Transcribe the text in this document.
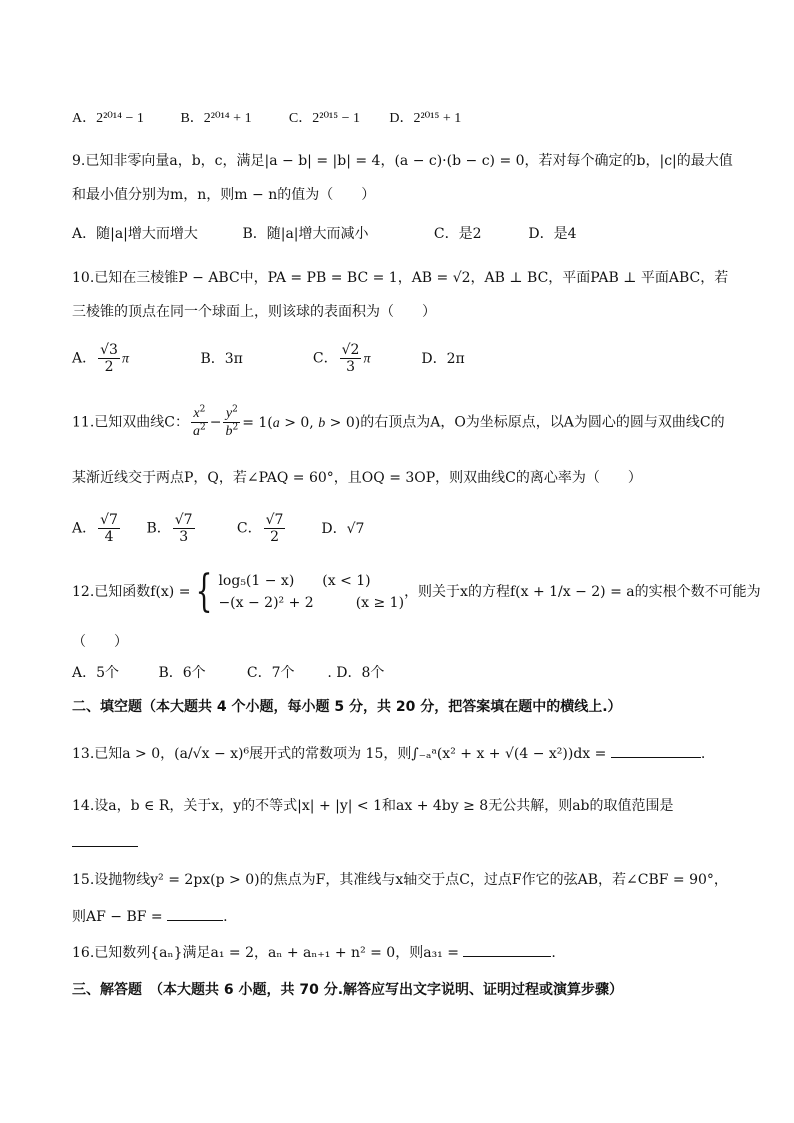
A．2²⁰¹⁴ − 1	B．2²⁰¹⁴ + 1	C．2²⁰¹⁵ − 1 D．2²⁰¹⁵ + 1
9.已知非零向量a，b，c，满足|a − b| = |b| = 4，(a − c)·(b − c) = 0，若对每个确定的b，|c|的最大值
和最小值分别为m，n，则m − n的值为（　　）
A．随|a|增大而增大	B．随|a|增大而减小	C．是2	D．是4
10.已知在三棱锥P − ABC中，PA = PB = BC = 1，AB = √2，AB ⊥ BC，平面PAB ⊥ 平面ABC，若
三棱锥的顶点在同一个球面上，则该球的表面积为（　　）
A． $\frac{√3}{2}$ π	B．3π	C． $\frac{√2}{3}$ π	D．2π
11.已知双曲线C： $\frac{x^2}{a^2} - \frac{y^2}{b^2} = 1(a > 0$, b > 0)的右顶点为A，O为坐标原点，以A为圆心的圆与双曲线C的
某渐近线交于两点P，Q，若∠PAQ = 60°，且OQ = 3OP，则双曲线C的离心率为（　　）
A． $\frac{√7}{4}$ B． $\frac{√7}{3}$	C． $\frac{√7}{2}$	D．√7
12.已知函数f(x) = { log₅(1 − x)　　(x < 1)
−(x − 2)² + 2　　　(x ≥ 1)
，则关于x的方程f(x + 1/x − 2) = a的实根个数不可能为
（　　）
A．5个	B．6个	C．7个 . D．8个
二、填空题（本大题共 4 个小题，每小题 5 分，共 20 分，把答案填在题中的横线上.）
13.已知a > 0，(a/√x − x)⁶展开式的常数项为 15，则∫₋ₐᵃ(x² + x + √(4 − x²))dx =	.
14.设a，b ∈ R，关于x，y的不等式|x| + |y| < 1和ax + 4by ≥ 8无公共解，则ab的取值范围是
15.设抛物线y² = 2px(p > 0)的焦点为F，其准线与x轴交于点C，过点F作它的弦AB，若∠CBF = 90°，
则AF − BF =	.
16.已知数列{aₙ}满足a₁ = 2，aₙ + aₙ₊₁ + n² = 0，则a₃₁ =	.
三、解答题　（本大题共 6 小题，共 70 分.解答应写出文字说明、证明过程或演算步骤）
